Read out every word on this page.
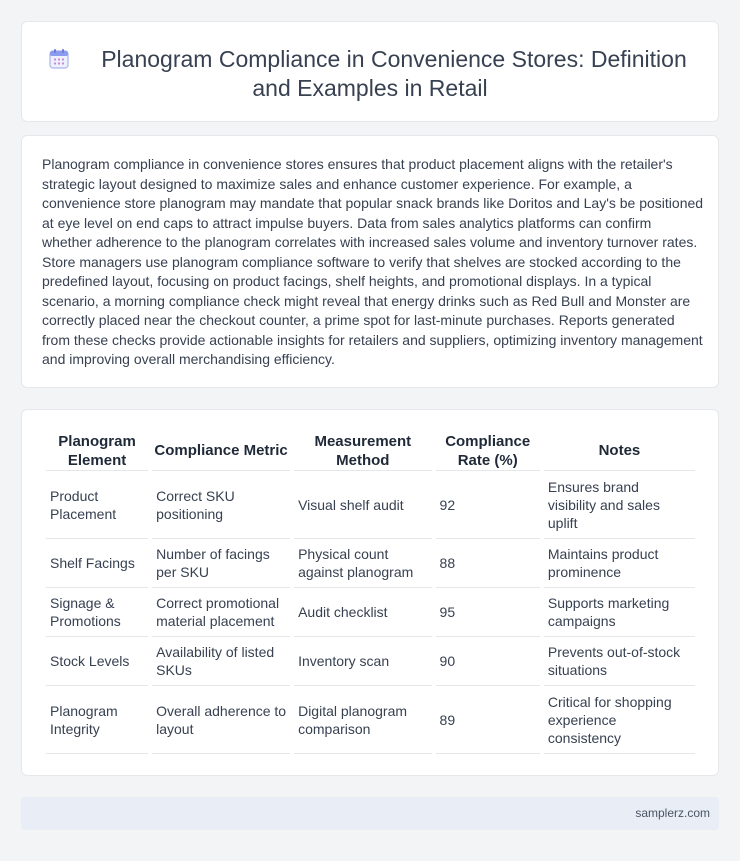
Planogram Compliance in Convenience Stores: Definition
and Examples in Retail

Planogram compliance in convenience stores ensures that product placement aligns with the retailer's strategic layout designed to maximize sales and enhance customer experience. For example, a convenience store planogram may mandate that popular snack brands like Doritos and Lay's be positioned at eye level on end caps to attract impulse buyers. Data from sales analytics platforms can confirm whether adherence to the planogram correlates with increased sales volume and inventory turnover rates. Store managers use planogram compliance software to verify that shelves are stocked according to the predefined layout, focusing on product facings, shelf heights, and promotional displays. In a typical scenario, a morning compliance check might reveal that energy drinks such as Red Bull and Monster are correctly placed near the checkout counter, a prime spot for last-minute purchases. Reports generated from these checks provide actionable insights for retailers and suppliers, optimizing inventory management and improving overall merchandising efficiency.

Planogram Element	Compliance Metric	Measurement Method	Compliance Rate (%)	Notes
Product Placement	Correct SKU positioning	Visual shelf audit	92	Ensures brand visibility and sales uplift
Shelf Facings	Number of facings per SKU	Physical count against planogram	88	Maintains product prominence
Signage & Promotions	Correct promotional material placement	Audit checklist	95	Supports marketing campaigns
Stock Levels	Availability of listed SKUs	Inventory scan	90	Prevents out-of-stock situations
Planogram Integrity	Overall adherence to layout	Digital planogram comparison	89	Critical for shopping experience consistency
samplerz.com
